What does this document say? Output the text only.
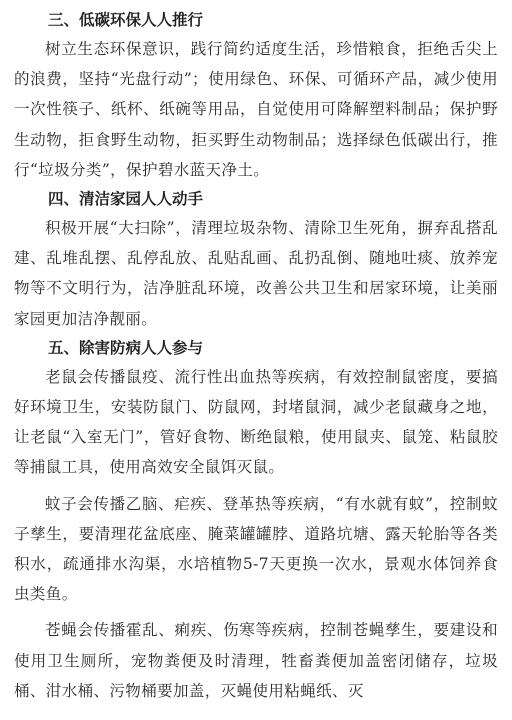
三、低碳环保人人推行

树立生态环保意识，践行简约适度生活，珍惜粮食，拒绝舌尖上的浪费，坚持“光盘行动”；使用绿色、环保、可循环产品，减少使用一次性筷子、纸杯、纸碗等用品，自觉使用可降解塑料制品；保护野生动物，拒食野生动物，拒买野生动物制品；选择绿色低碳出行，推行“垃圾分类”，保护碧水蓝天净土。

四、清洁家园人人动手

积极开展“大扫除”，清理垃圾杂物、清除卫生死角，摒弃乱搭乱建、乱堆乱摆、乱停乱放、乱贴乱画、乱扔乱倒、随地吐痰、放养宠物等不文明行为，洁净脏乱环境，改善公共卫生和居家环境，让美丽家园更加洁净靓丽。

五、除害防病人人参与

老鼠会传播鼠疫、流行性出血热等疾病，有效控制鼠密度，要搞好环境卫生，安装防鼠门、防鼠网，封堵鼠洞，减少老鼠藏身之地，让老鼠“入室无门”，管好食物、断绝鼠粮，使用鼠夹、鼠笼、粘鼠胶等捕鼠工具，使用高效安全鼠饵灭鼠。

蚊子会传播乙脑、疟疾、登革热等疾病，“有水就有蚊”，控制蚊子孳生，要清理花盆底座、腌菜罐罐脖、道路坑塘、露天轮胎等各类积水，疏通排水沟渠，水培植物5-7天更换一次水，景观水体饲养食虫类鱼。

苍蝇会传播霍乱、痢疾、伤寒等疾病，控制苍蝇孳生，要建设和使用卫生厕所，宠物粪便及时清理，牲畜粪便加盖密闭储存，垃圾桶、泔水桶、污物桶要加盖，灭蝇使用粘蝇纸、灭
